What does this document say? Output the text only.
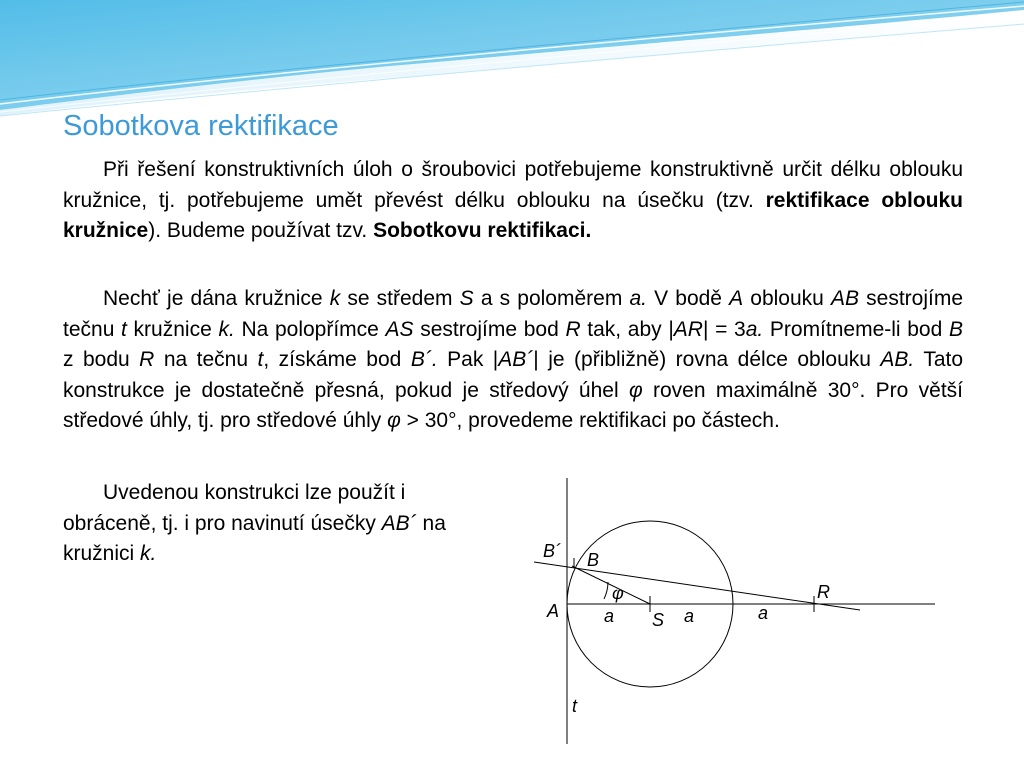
Sobotkova rektifikace

Při řešení konstruktivních úloh o šroubovici potřebujeme konstruktivně určit délku oblouku kružnice, tj. potřebujeme umět převést délku oblouku na úsečku (tzv. rektifikace oblouku kružnice). Budeme používat tzv. Sobotkovu rektifikaci.

Nechť je dána kružnice k se středem S a s poloměrem a. V bodě A oblouku AB sestrojíme tečnu t kružnice k. Na polopřímce AS sestrojíme bod R tak, aby |AR| = 3a. Promítneme-li bod B z bodu R na tečnu t, získáme bod B´. Pak |AB´| je (přibližně) rovna délce oblouku AB. Tato konstrukce je dostatečně přesná, pokud je středový úhel φ roven maximálně 30°. Pro větší středové úhly, tj. pro středové úhly φ > 30°, provedeme rektifikaci po částech.

Uvedenou konstrukci lze použít i obráceně, tj. i pro navinutí úsečky AB´ na kružnici k.	B´ B
φ
A a S a	a
R
t
